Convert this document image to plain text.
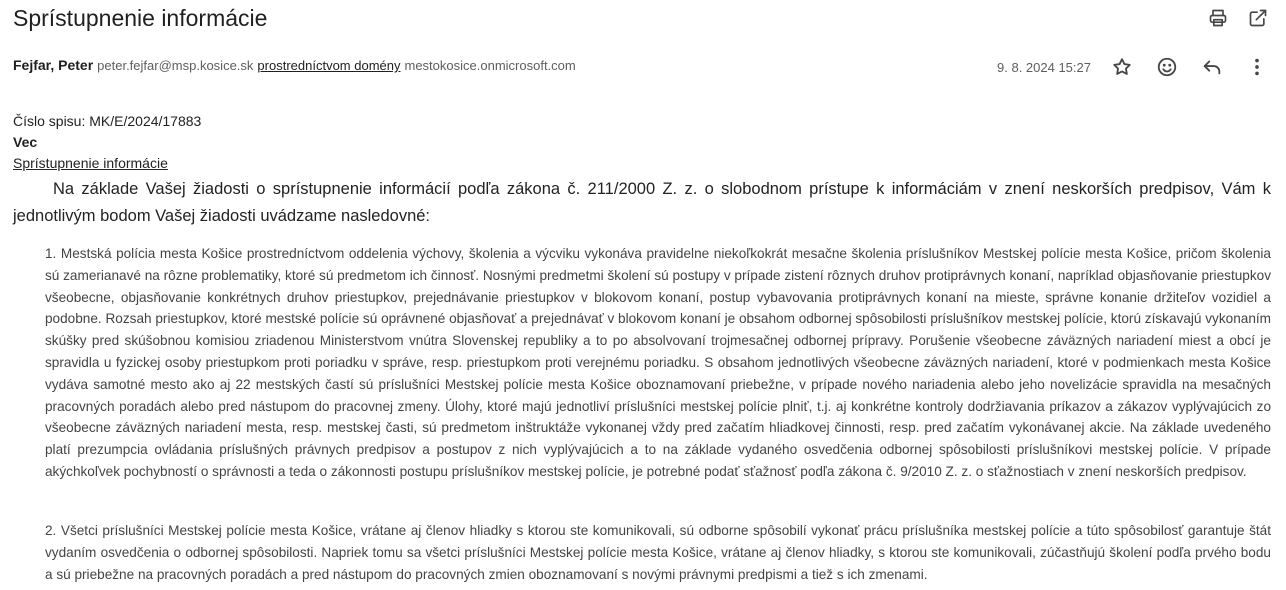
Sprístupnenie informácie
Fejfar, Peter peter.fejfar@msp.kosice.sk prostredníctvom domény mestokosice.onmicrosoft.com	9. 8. 2024 15:27
Číslo spisu: MK/E/2024/17883
Vec
Sprístupnenie informácie

Na základe Vašej žiadosti o sprístupnenie informácií podľa zákona č. 211/2000 Z. z. o slobodnom prístupe k informáciám v znení neskorších predpisov, Vám k jednotlivým bodom Vašej žiadosti uvádzame nasledovné:

1. Mestská polícia mesta Košice prostredníctvom oddelenia výchovy, školenia a výcviku vykonáva pravidelne niekoľkokrát mesačne školenia príslušníkov Mestskej polície mesta Košice, pričom školenia sú zamerianavé na rôzne problematiky, ktoré sú predmetom ich činnosť. Nosnými predmetmi školení sú postupy v prípade zistení rôznych druhov protiprávnych konaní, napríklad objasňovanie priestupkov všeobecne, objasňovanie konkrétnych druhov priestupkov, prejednávanie priestupkov v blokovom konaní, postup vybavovania protiprávnych konaní na mieste, správne konanie držiteľov vozidiel a podobne. Rozsah priestupkov, ktoré mestské polície sú oprávnené objasňovať a prejednávať v blokovom konaní je obsahom odbornej spôsobilosti príslušníkov mestskej polície, ktorú získavajú vykonaním skúšky pred skúšobnou komisiou zriadenou Ministerstvom vnútra Slovenskej republiky a to po absolvovaní trojmesačnej odbornej prípravy. Porušenie všeobecne záväzných nariadení miest a obcí je spravidla u fyzickej osoby priestupkom proti poriadku v správe, resp. priestupkom proti verejnému poriadku. S obsahom jednotlivých všeobecne záväzných nariadení, ktoré v podmienkach mesta Košice vydáva samotné mesto ako aj 22 mestských častí sú príslušníci Mestskej polície mesta Košice oboznamovaní priebežne, v prípade nového nariadenia alebo jeho novelizácie spravidla na mesačných pracovných poradách alebo pred nástupom do pracovnej zmeny. Úlohy, ktoré majú jednotliví príslušníci mestskej polície plniť, t.j. aj konkrétne kontroly dodržiavania príkazov a zákazov vyplývajúcich zo všeobecne záväzných nariadení mesta, resp. mestskej časti, sú predmetom inštruktáže vykonanej vždy pred začatím hliadkovej činnosti, resp. pred začatím vykonávanej akcie. Na základe uvedeného platí prezumpcia ovládania príslušných právnych predpisov a postupov z nich vyplývajúcich a to na základe vydaného osvedčenia odbornej spôsobilosti príslušníkovi mestskej polície. V prípade akýchkoľvek pochybností o správnosti a teda o zákonnosti postupu príslušníkov mestskej polície, je potrebné podať sťažnosť podľa zákona č. 9/2010 Z. z. o sťažnostiach v znení neskorších predpisov.

2. Všetci príslušníci Mestskej polície mesta Košice, vrátane aj členov hliadky s ktorou ste komunikovali, sú odborne spôsobilí vykonať prácu príslušníka mestskej polície a túto spôsobilosť garantuje štát vydaním osvedčenia o odbornej spôsobilosti. Napriek tomu sa všetci príslušníci Mestskej polície mesta Košice, vrátane aj členov hliadky, s ktorou ste komunikovali, zúčastňujú školení podľa prvého bodu a sú priebežne na pracovných poradách a pred nástupom do pracovných zmien oboznamovaní s novými právnymi predpismi a tiež s ich zmenami.
